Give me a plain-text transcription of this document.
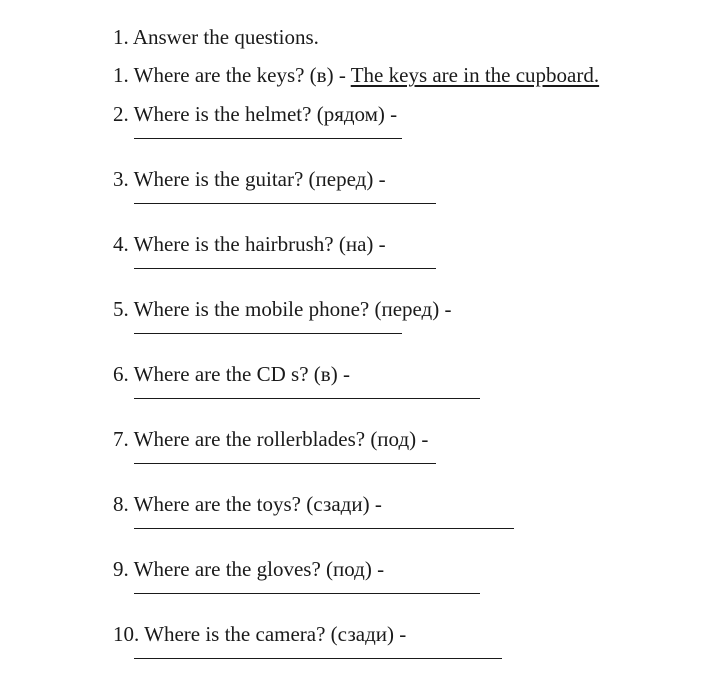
1. Answer the questions.
1. Where are the keys? (в) - The keys are in the cupboard.
2. Where is the helmet? (рядом) -
3. Where is the guitar? (перед) -
4. Where is the hairbrush? (на) -
5. Where is the mobile phone? (перед) -
6. Where are the CD s? (в) -
7. Where are the rollerblades? (под) -
8. Where are the toys? (сзади) -
9. Where are the gloves? (под) -
10. Where is the camera? (сзади) -
